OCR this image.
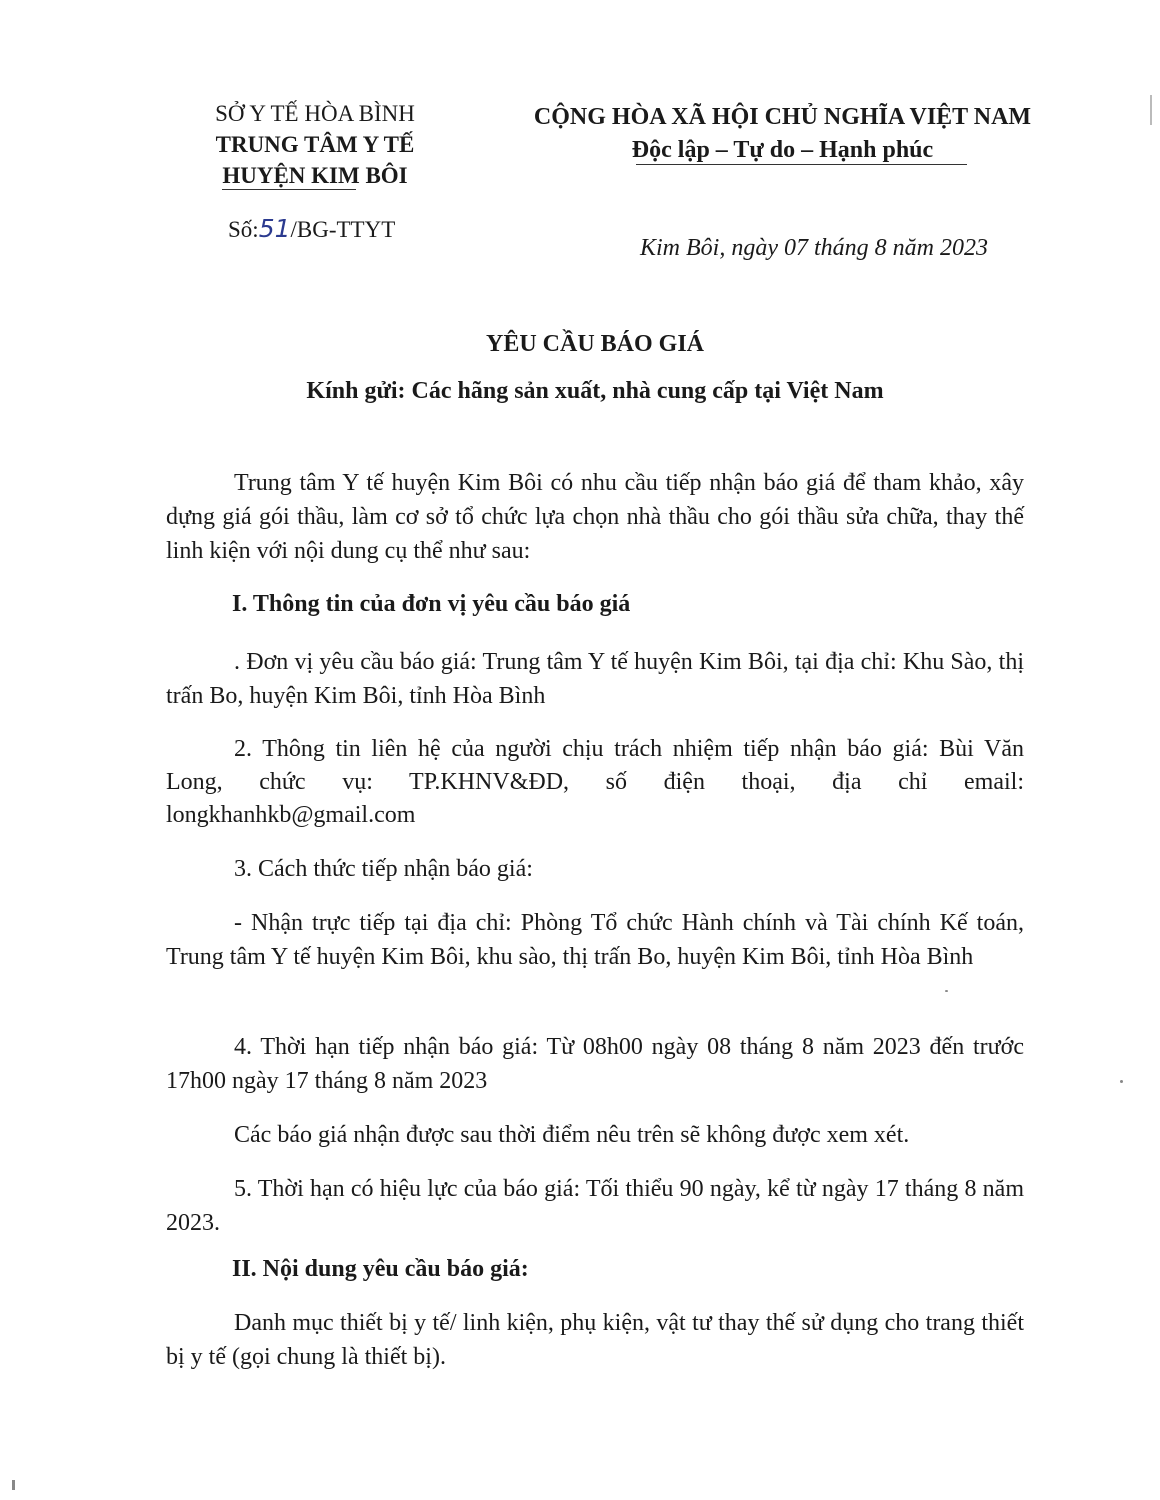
SỞ Y TẾ HÒA BÌNH
TRUNG TÂM Y TẾ
HUYỆN KIM BÔI
Số:51/BG-TTYT
CỘNG HÒA XÃ HỘI CHỦ NGHĨA VIỆT NAM
Độc lập – Tự do – Hạnh phúc
Kim Bôi, ngày 07 tháng 8 năm 2023
YÊU CẦU BÁO GIÁ
Kính gửi: Các hãng sản xuất, nhà cung cấp tại Việt Nam

Trung tâm Y tế huyện Kim Bôi có nhu cầu tiếp nhận báo giá để tham khảo, xây dựng giá gói thầu, làm cơ sở tổ chức lựa chọn nhà thầu cho gói thầu sửa chữa, thay thế linh kiện với nội dung cụ thể như sau:

I. Thông tin của đơn vị yêu cầu báo giá

. Đơn vị yêu cầu báo giá: Trung tâm Y tế huyện Kim Bôi, tại địa chỉ: Khu Sào, thị trấn Bo, huyện Kim Bôi, tỉnh Hòa Bình

2. Thông tin liên hệ của người chịu trách nhiệm tiếp nhận báo giá: Bùi Văn
Long, chức vụ: TP.KHNV&ĐD, số điện thoại, địa chỉ email:
longkhanhkb@gmail.com

3. Cách thức tiếp nhận báo giá:

- Nhận trực tiếp tại địa chỉ: Phòng Tổ chức Hành chính và Tài chính Kế toán, Trung tâm Y tế huyện Kim Bôi, khu sào, thị trấn Bo, huyện Kim Bôi, tỉnh Hòa Bình

4. Thời hạn tiếp nhận báo giá: Từ 08h00 ngày 08 tháng 8 năm 2023 đến trước 17h00 ngày 17 tháng 8 năm 2023

Các báo giá nhận được sau thời điểm nêu trên sẽ không được xem xét.

5. Thời hạn có hiệu lực của báo giá: Tối thiểu 90 ngày, kể từ ngày 17 tháng 8 năm 2023.

II. Nội dung yêu cầu báo giá:

Danh mục thiết bị y tế/ linh kiện, phụ kiện, vật tư thay thế sử dụng cho trang thiết bị y tế (gọi chung là thiết bị).
